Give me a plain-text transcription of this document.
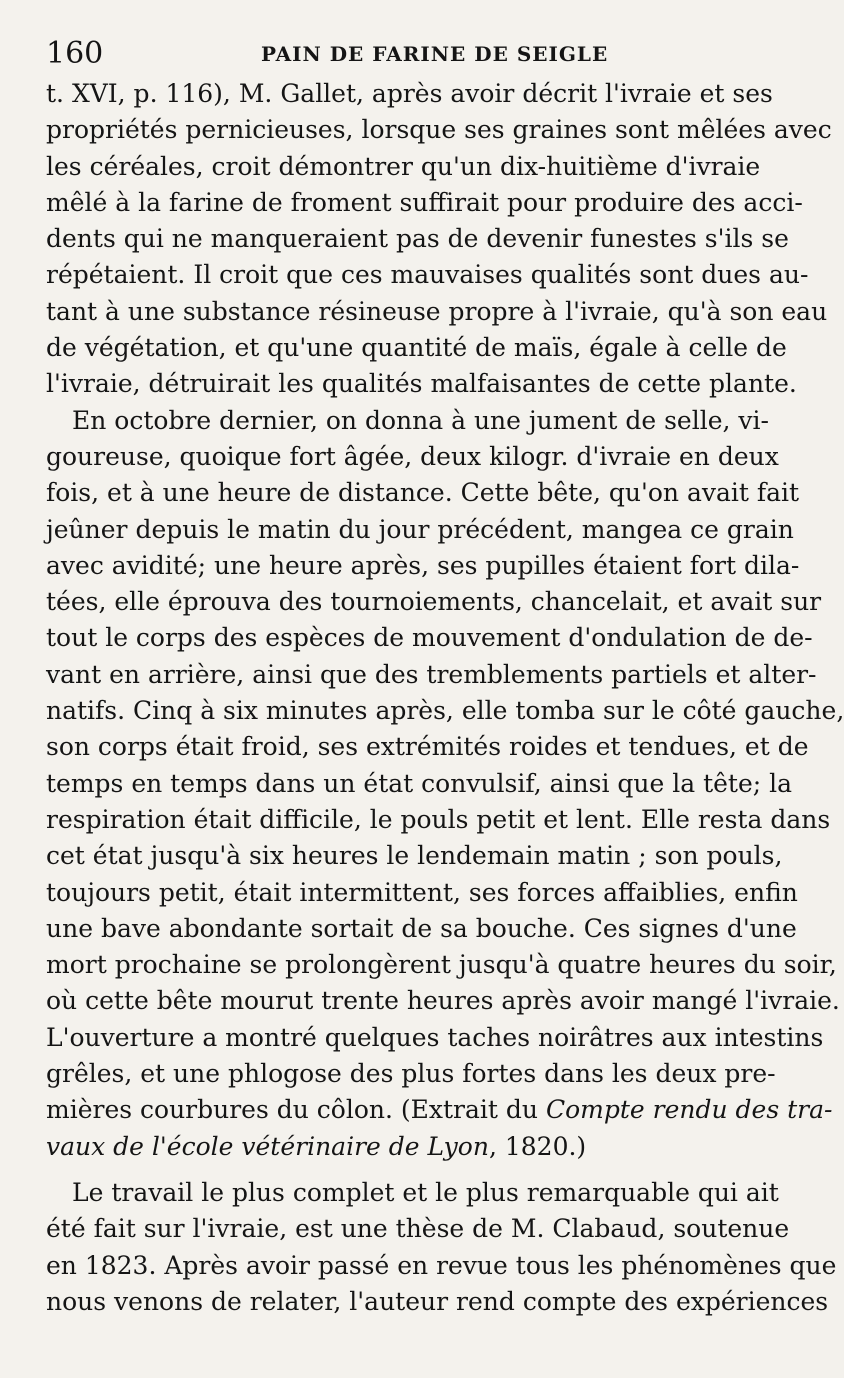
160	PAIN DE FARINE DE SEIGLE
t. XVI, p. 116), M. Gallet, après avoir décrit l'ivraie et ses
propriétés pernicieuses, lorsque ses graines sont mêlées avec
les céréales, croit démontrer qu'un dix-huitième d'ivraie
mêlé à la farine de froment suffirait pour produire des acci-
dents qui ne manqueraient pas de devenir funestes s'ils se
répétaient. Il croit que ces mauvaises qualités sont dues au-
tant à une substance résineuse propre à l'ivraie, qu'à son eau
de végétation, et qu'une quantité de maïs, égale à celle de
l'ivraie, détruirait les qualités malfaisantes de cette plante.
En octobre dernier, on donna à une jument de selle, vi-
goureuse, quoique fort âgée, deux kilogr. d'ivraie en deux
fois, et à une heure de distance. Cette bête, qu'on avait fait
jeûner depuis le matin du jour précédent, mangea ce grain
avec avidité; une heure après, ses pupilles étaient fort dila-
tées, elle éprouva des tournoiements, chancelait, et avait sur
tout le corps des espèces de mouvement d'ondulation de de-
vant en arrière, ainsi que des tremblements partiels et alter-
natifs. Cinq à six minutes après, elle tomba sur le côté gauche,
son corps était froid, ses extrémités roides et tendues, et de
temps en temps dans un état convulsif, ainsi que la tête; la
respiration était difficile, le pouls petit et lent. Elle resta dans
cet état jusqu'à six heures le lendemain matin ; son pouls,
toujours petit, était intermittent, ses forces affaiblies, enfin
une bave abondante sortait de sa bouche. Ces signes d'une
mort prochaine se prolongèrent jusqu'à quatre heures du soir,
où cette bête mourut trente heures après avoir mangé l'ivraie.
L'ouverture a montré quelques taches noirâtres aux intestins
grêles, et une phlogose des plus fortes dans les deux pre-
mières courbures du côlon. (Extrait du Compte rendu des tra-
vaux de l'école vétérinaire de Lyon, 1820.)
Le travail le plus complet et le plus remarquable qui ait
été fait sur l'ivraie, est une thèse de M. Clabaud, soutenue
en 1823. Après avoir passé en revue tous les phénomènes que
nous venons de relater, l'auteur rend compte des expériences
